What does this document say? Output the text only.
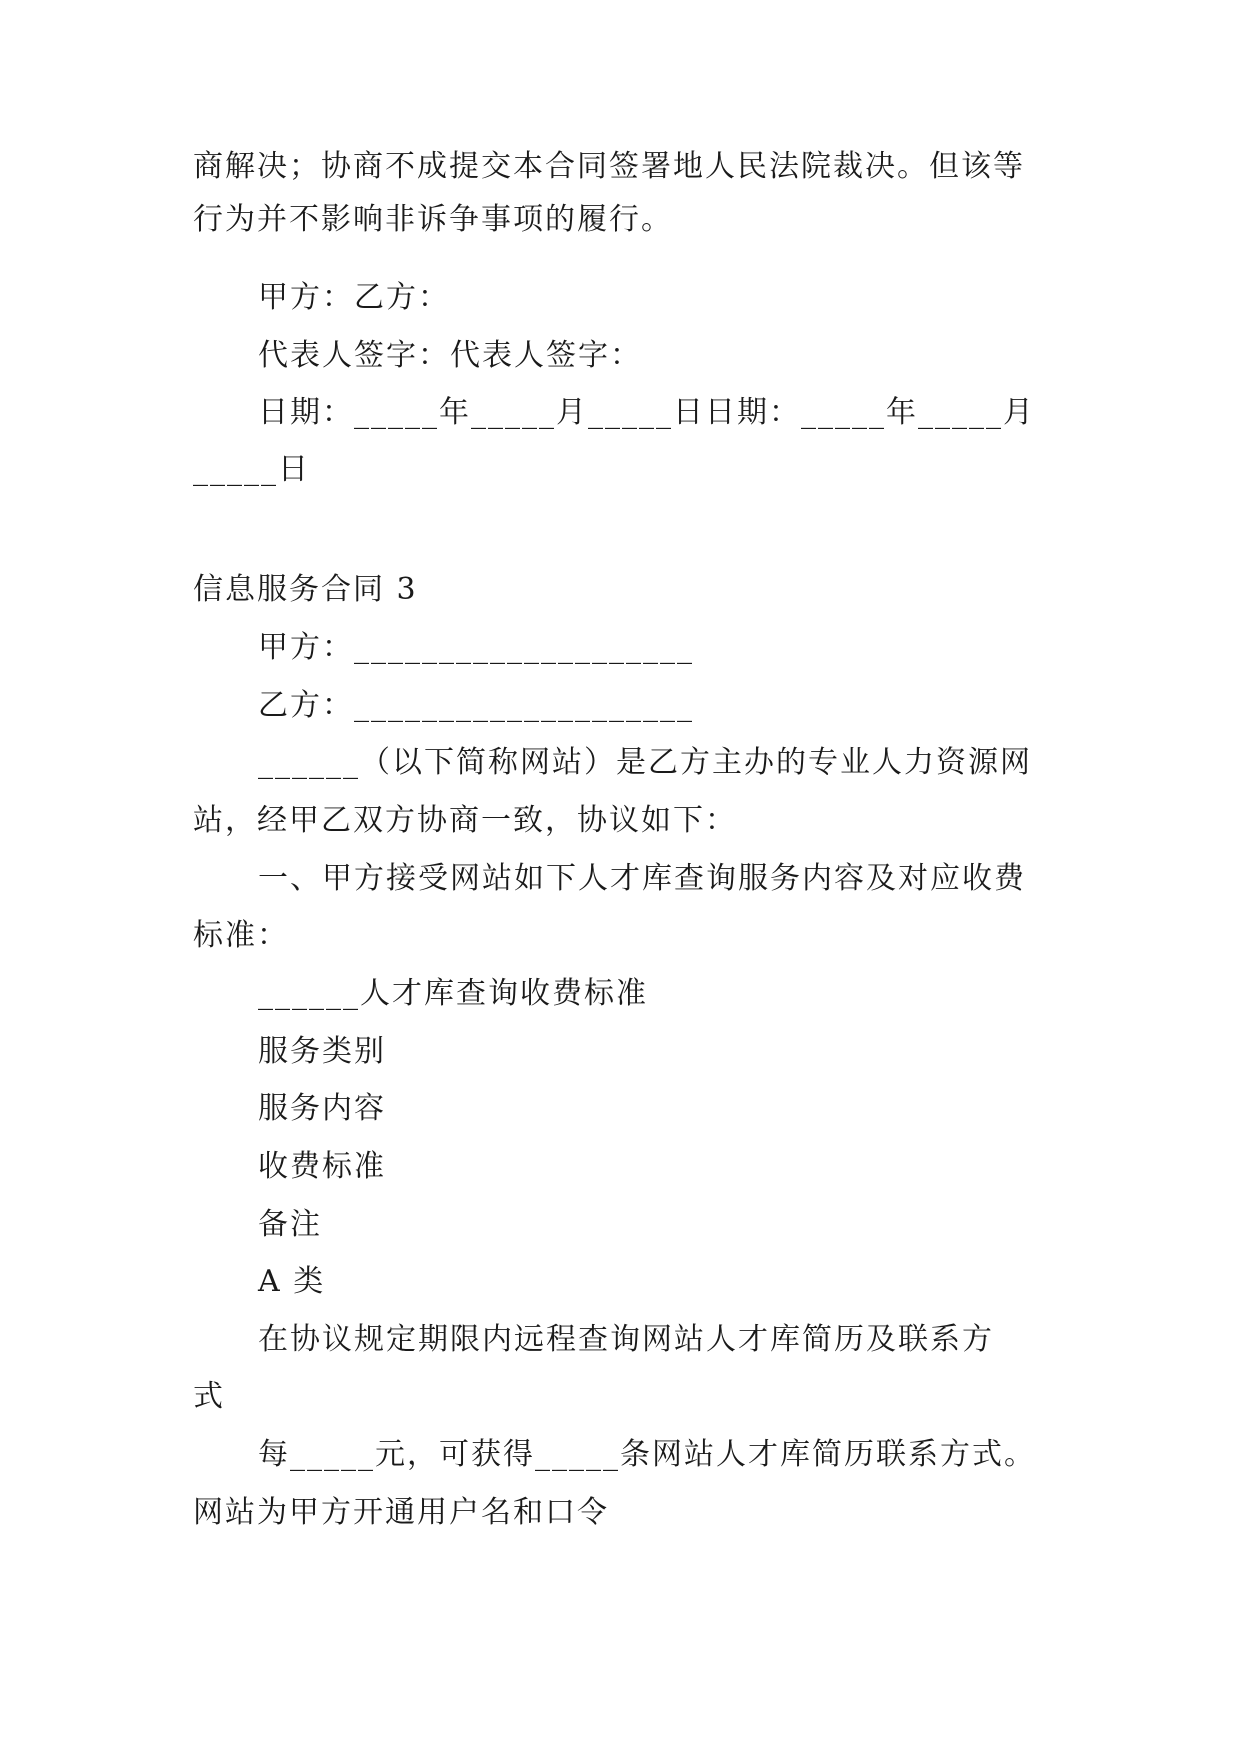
商解决；协商不成提交本合同签署地人民法院裁决。但该等
行为并不影响非诉争事项的履行。
甲方：乙方：
代表人签字：代表人签字：
日期：_____年_____月_____日日期：_____年_____月
_____日
信息服务合同 3
甲方：____________________
乙方：____________________
______（以下简称网站）是乙方主办的专业人力资源网
站，经甲乙双方协商一致，协议如下：
一、甲方接受网站如下人才库查询服务内容及对应收费
标准：
______人才库查询收费标准
服务类别
服务内容
收费标准
备注
A 类
在协议规定期限内远程查询网站人才库简历及联系方
式
每_____元，可获得_____条网站人才库简历联系方式。
网站为甲方开通用户名和口令
